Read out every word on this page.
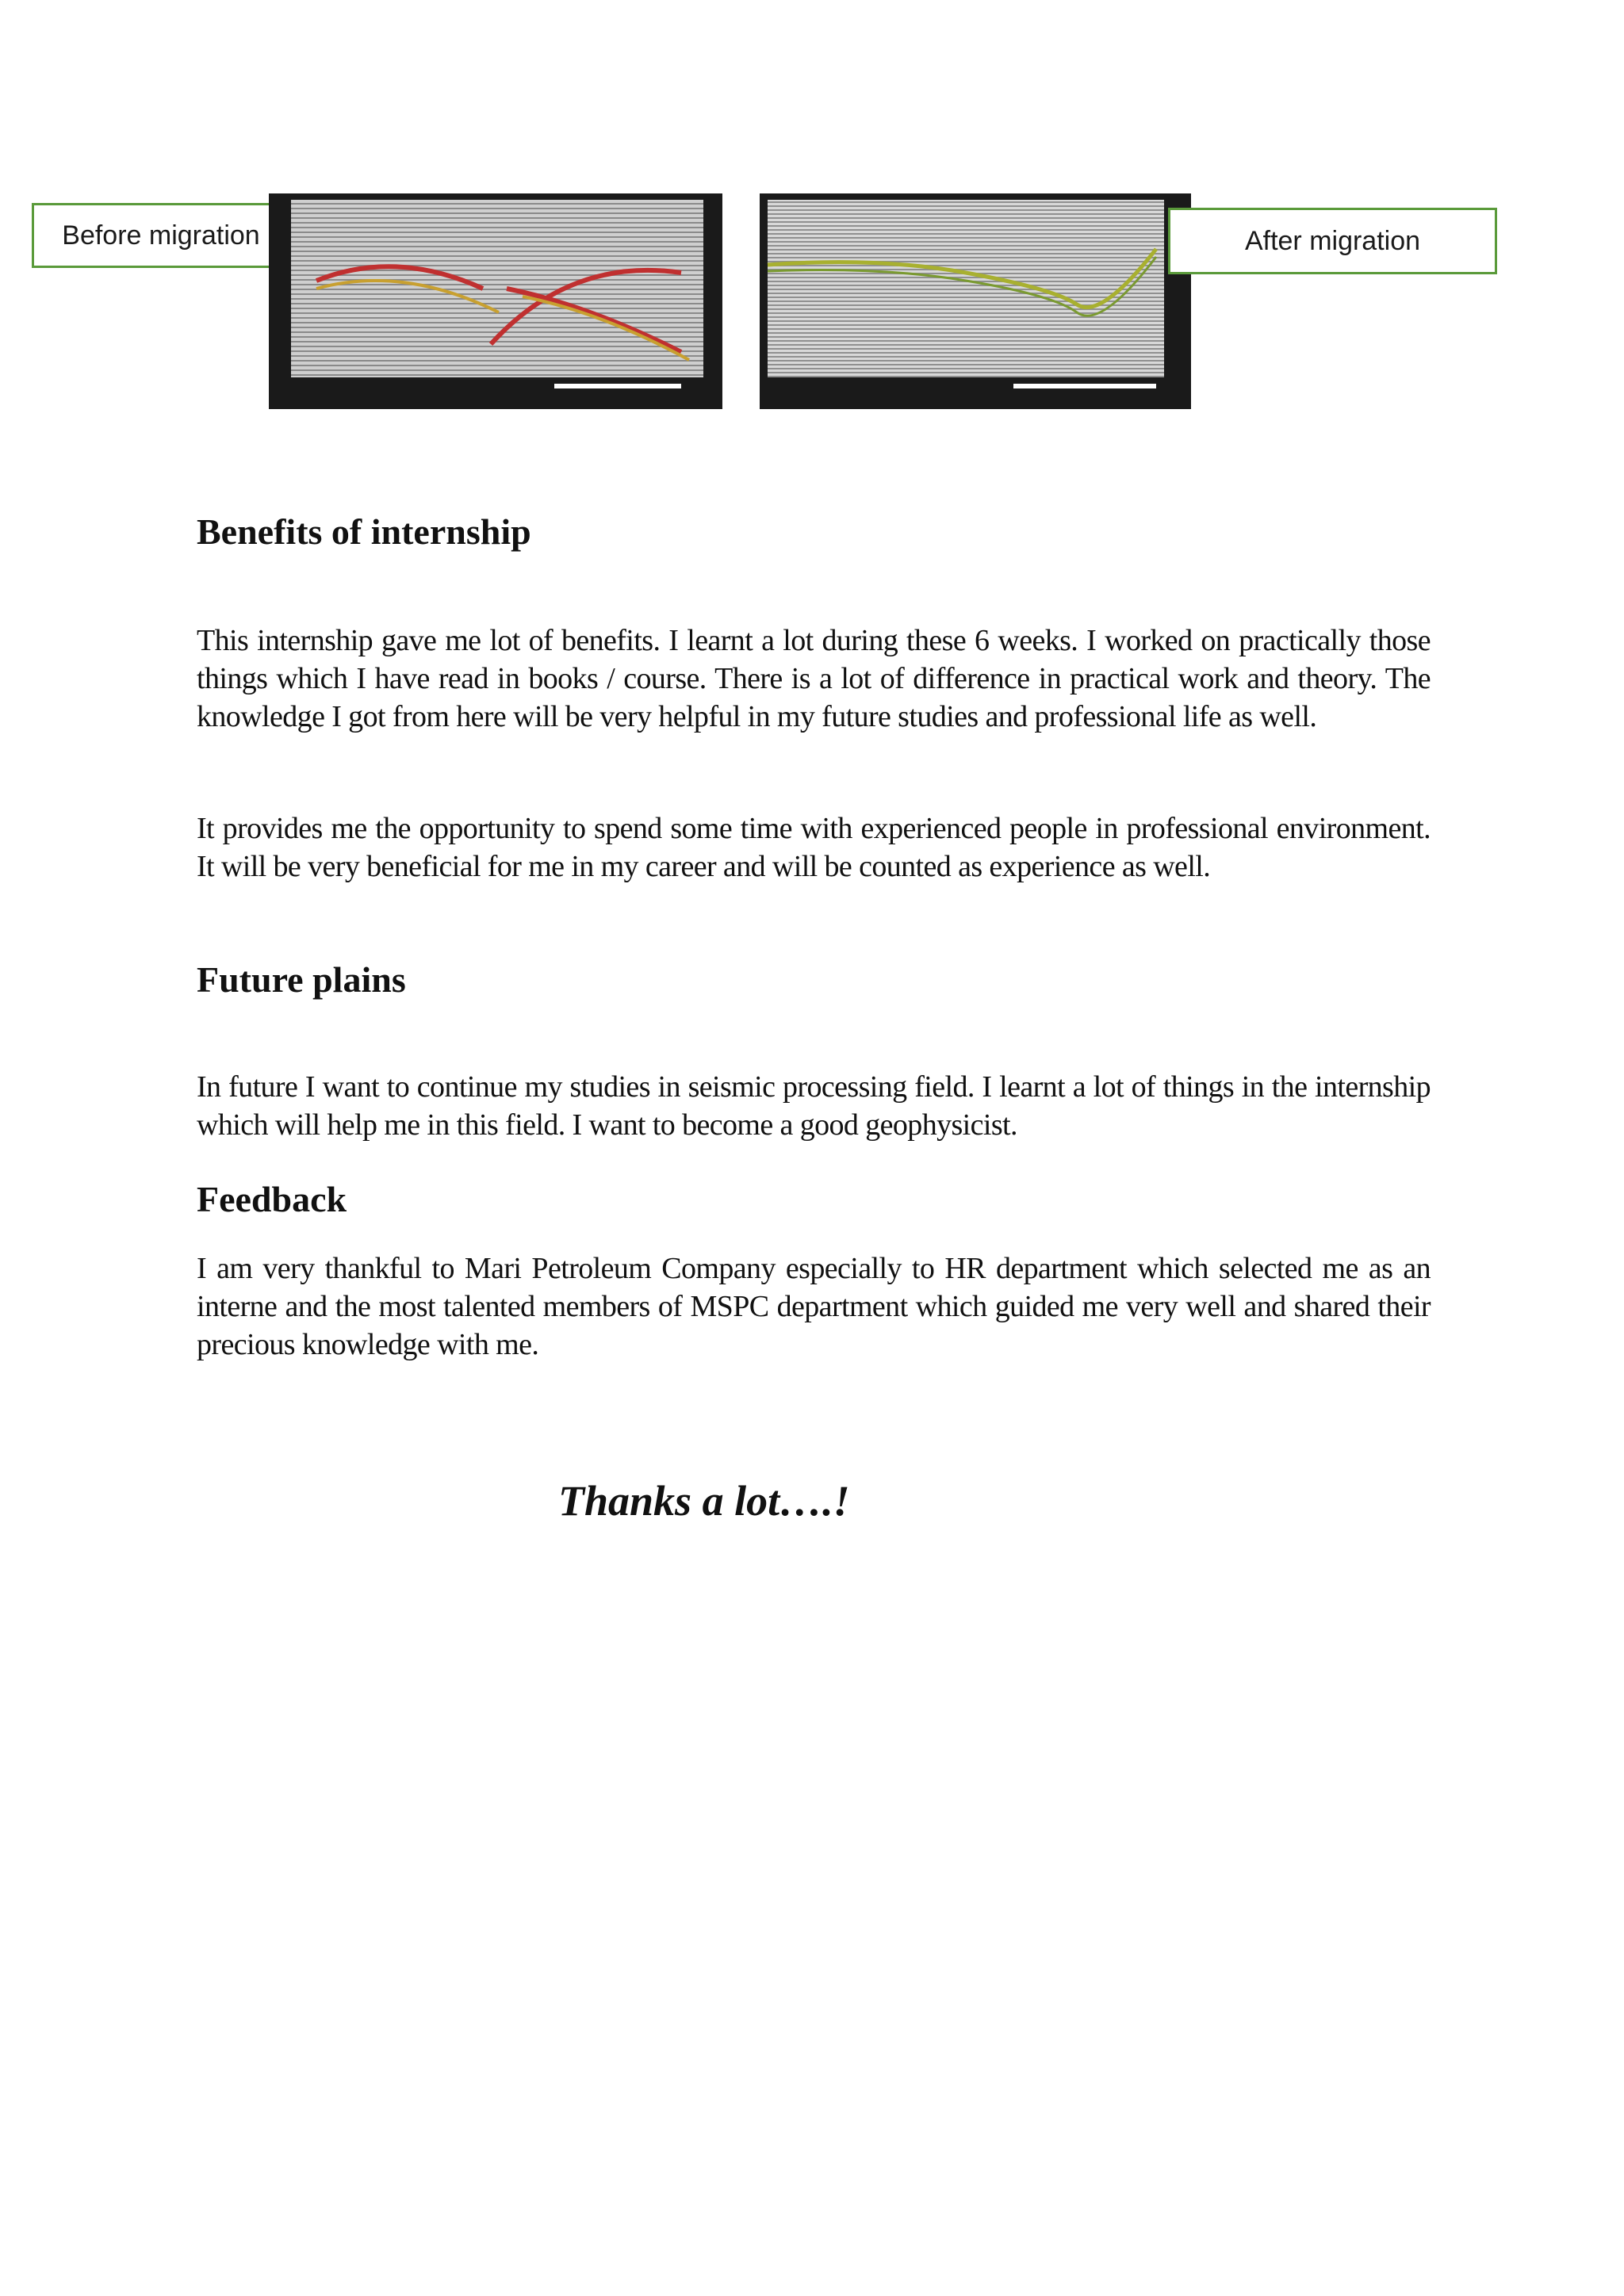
Before migration	After migration
Benefits of internship

This internship gave me lot of benefits. I learnt a lot during these 6 weeks. I worked on practically those things which I have read in books / course. There is a lot of difference in practical work and theory. The knowledge I got from here will be very helpful in my future studies and professional life as well.

It provides me the opportunity to spend some time with experienced people in professional environment. It will be very beneficial for me in my career and will be counted as experience as well.

Future plains

In future I want to continue my studies in seismic processing field. I learnt a lot of things in the internship which will help me in this field. I want to become a good geophysicist.

Feedback

I am very thankful to Mari Petroleum Company especially to HR department which selected me as an interne and the most talented members of MSPC department which guided me very well and shared their precious knowledge with me.

Thanks a lot….!
